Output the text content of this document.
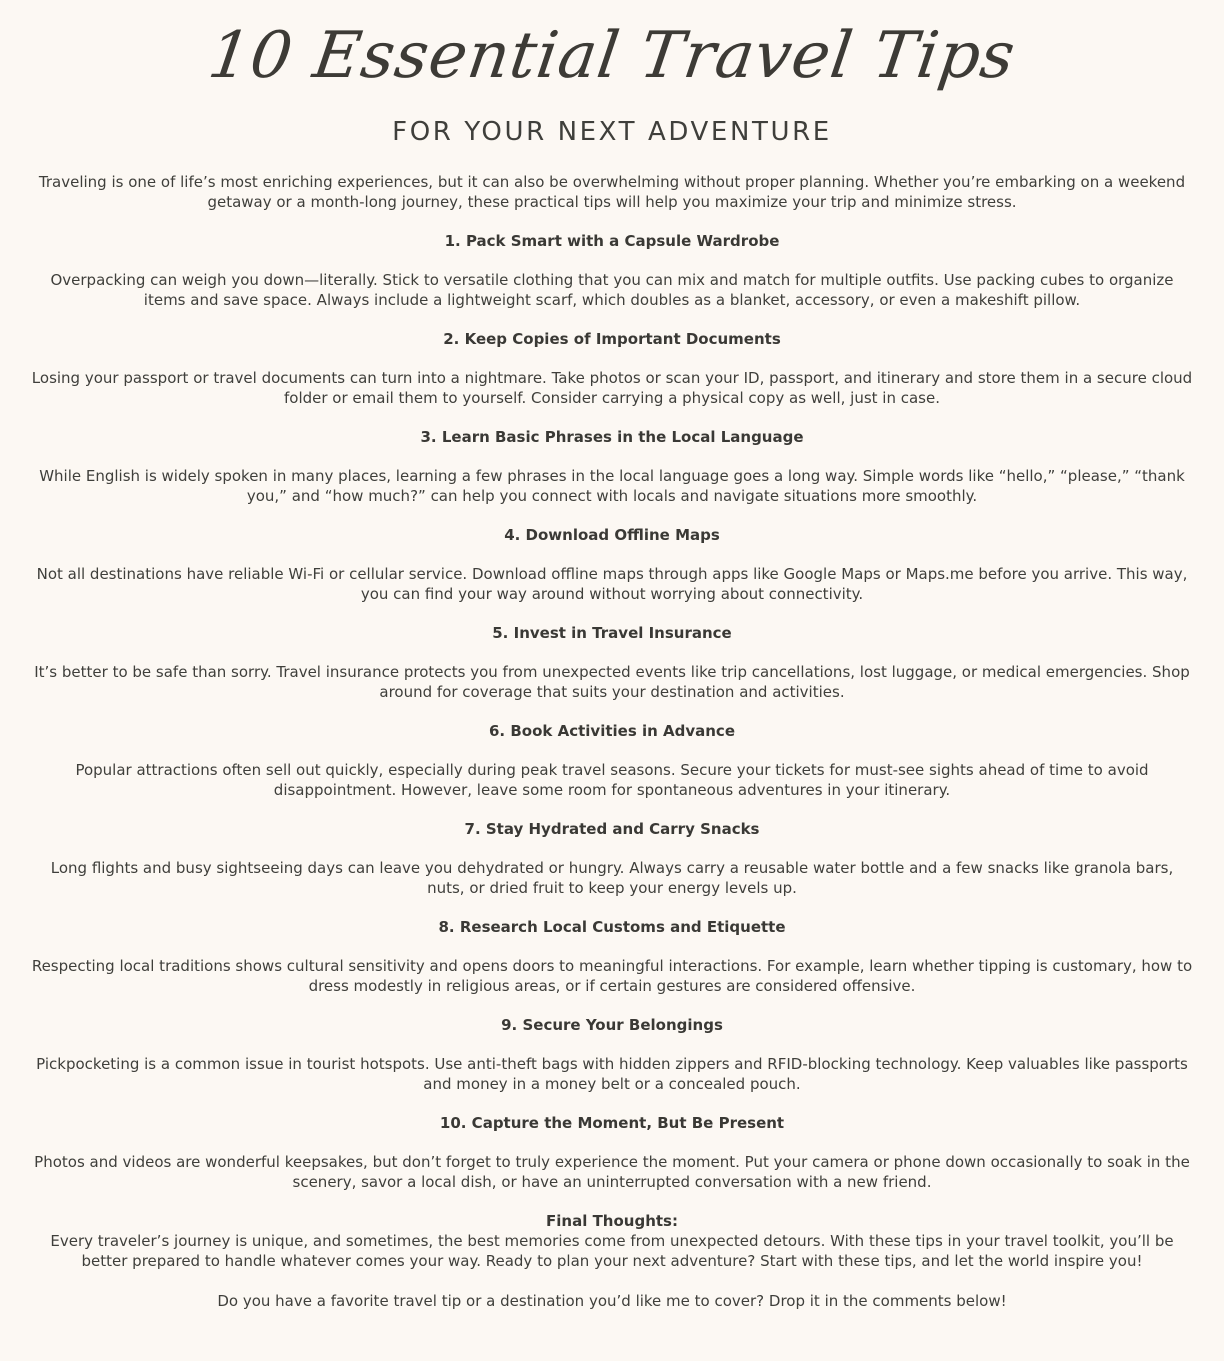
10 Essential Travel Tips
FOR YOUR NEXT ADVENTURE

Traveling is one of life’s most enriching experiences, but it can also be overwhelming without proper planning. Whether you’re embarking on a weekend getaway or a month-long journey, these practical tips will help you maximize your trip and minimize stress.

1. Pack Smart with a Capsule Wardrobe

Overpacking can weigh you down—literally. Stick to versatile clothing that you can mix and match for multiple outfits. Use packing cubes to organize items and save space. Always include a lightweight scarf, which doubles as a blanket, accessory, or even a makeshift pillow.

2. Keep Copies of Important Documents

Losing your passport or travel documents can turn into a nightmare. Take photos or scan your ID, passport, and itinerary and store them in a secure cloud folder or email them to yourself. Consider carrying a physical copy as well, just in case.

3. Learn Basic Phrases in the Local Language

While English is widely spoken in many places, learning a few phrases in the local language goes a long way. Simple words like “hello,” “please,” “thank you,” and “how much?” can help you connect with locals and navigate situations more smoothly.

4. Download Offline Maps

Not all destinations have reliable Wi-Fi or cellular service. Download offline maps through apps like Google Maps or Maps.me before you arrive. This way, you can find your way around without worrying about connectivity.

5. Invest in Travel Insurance

It’s better to be safe than sorry. Travel insurance protects you from unexpected events like trip cancellations, lost luggage, or medical emergencies. Shop around for coverage that suits your destination and activities.

6. Book Activities in Advance

Popular attractions often sell out quickly, especially during peak travel seasons. Secure your tickets for must-see sights ahead of time to avoid disappointment. However, leave some room for spontaneous adventures in your itinerary.

7. Stay Hydrated and Carry Snacks

Long flights and busy sightseeing days can leave you dehydrated or hungry. Always carry a reusable water bottle and a few snacks like granola bars, nuts, or dried fruit to keep your energy levels up.

8. Research Local Customs and Etiquette

Respecting local traditions shows cultural sensitivity and opens doors to meaningful interactions. For example, learn whether tipping is customary, how to dress modestly in religious areas, or if certain gestures are considered offensive.

9. Secure Your Belongings

Pickpocketing is a common issue in tourist hotspots. Use anti-theft bags with hidden zippers and RFID-blocking technology. Keep valuables like passports and money in a money belt or a concealed pouch.

10. Capture the Moment, But Be Present

Photos and videos are wonderful keepsakes, but don’t forget to truly experience the moment. Put your camera or phone down occasionally to soak in the scenery, savor a local dish, or have an uninterrupted conversation with a new friend.

Final Thoughts:

Every traveler’s journey is unique, and sometimes, the best memories come from unexpected detours. With these tips in your travel toolkit, you’ll be better prepared to handle whatever comes your way. Ready to plan your next adventure? Start with these tips, and let the world inspire you!

Do you have a favorite travel tip or a destination you’d like me to cover? Drop it in the comments below!
